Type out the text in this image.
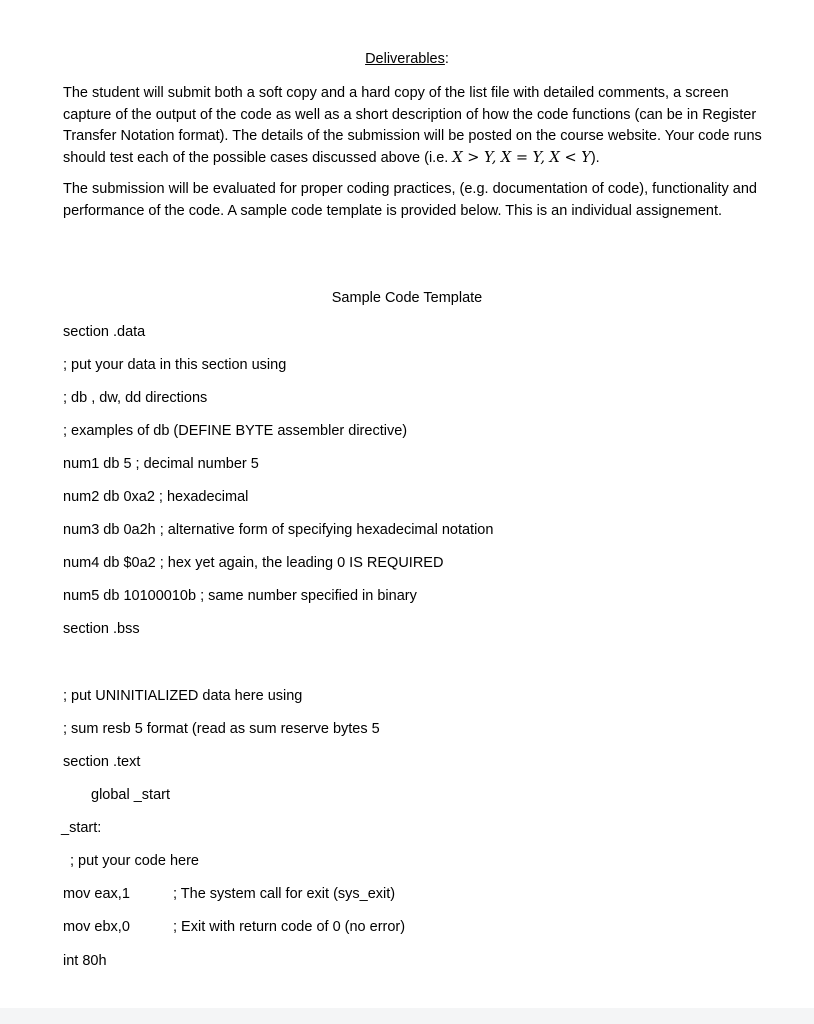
Deliverables:

The student will submit both a soft copy and a hard copy of the list file with detailed comments, a screen capture of the output of the code as well as a short description of how the code functions (can be in Register Transfer Notation format). The details of the submission will be posted on the course website. Your code runs should test each of the possible cases discussed above (i.e. X > Y, X = Y, X < Y).

The submission will be evaluated for proper coding practices, (e.g. documentation of code), functionality and performance of the code. A sample code template is provided below. This is an individual assignement.

Sample Code Template
section .data
; put your data in this section using
; db , dw, dd directions
; examples of db (DEFINE BYTE assembler directive)
num1 db 5 ; decimal number 5
num2 db 0xa2 ; hexadecimal
num3 db 0a2h ; alternative form of specifying hexadecimal notation
num4 db $0a2 ; hex yet again, the leading 0 IS REQUIRED
num5 db 10100010b ; same number specified in binary
section .bss
; put UNINITIALIZED data here using
; sum resb 5 format (read as sum reserve bytes 5
section .text
global _start
_start:
; put your code here
mov eax,1	; The system call for exit (sys_exit)
mov ebx,0	; Exit with return code of 0 (no error)
int 80h
